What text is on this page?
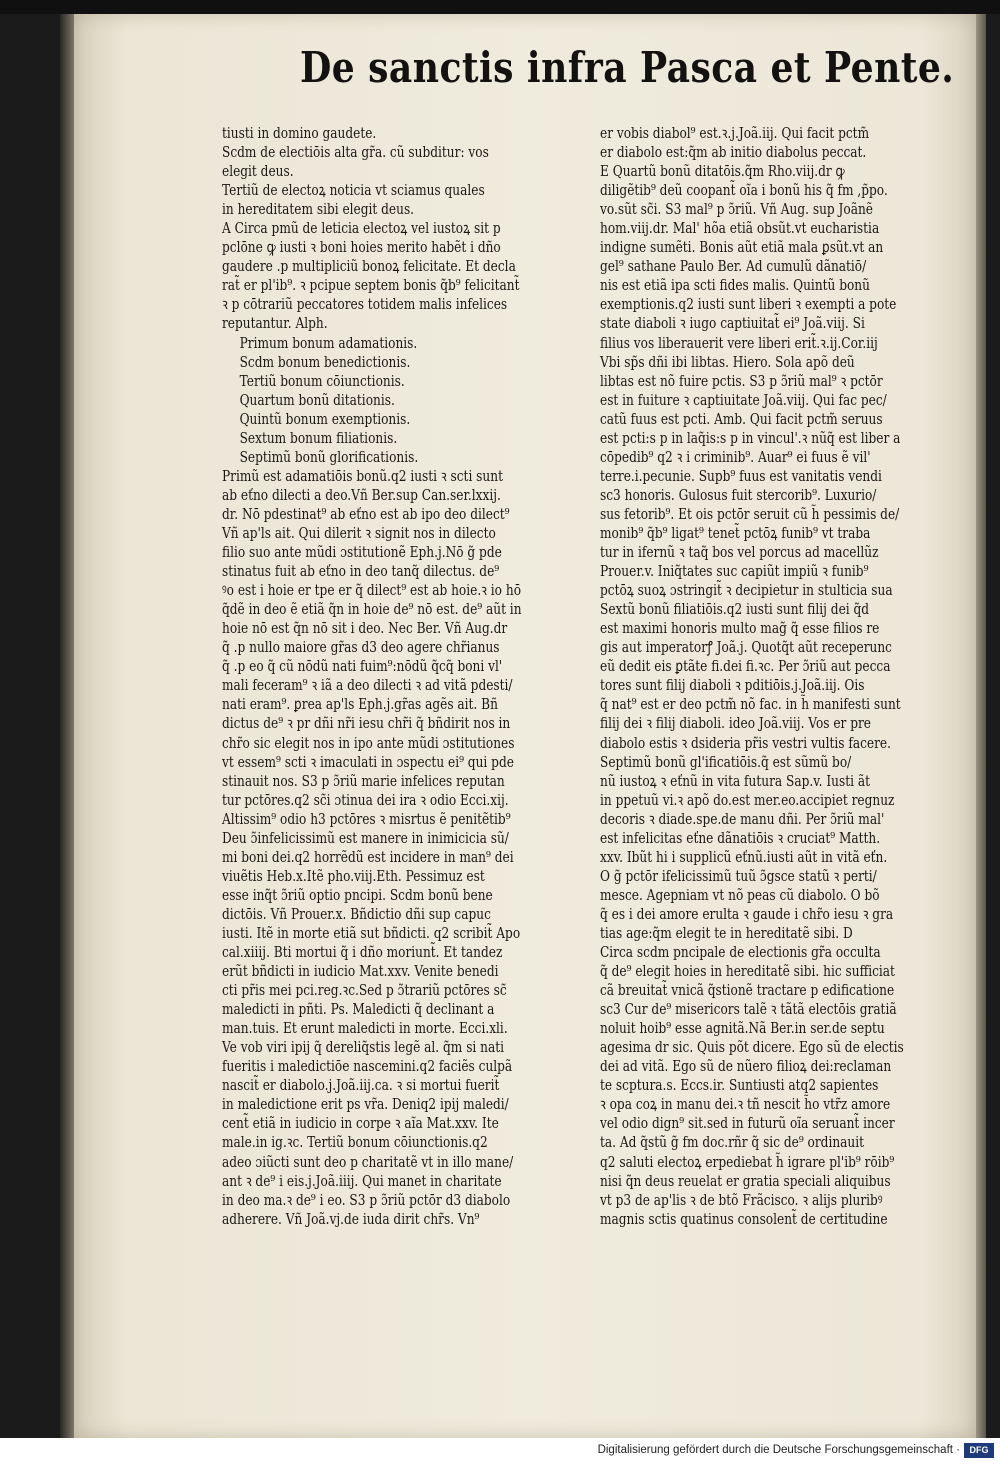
De sanctis infra Pasca et Pente.
tiusti in domino gaudete.
Scdm de electiōis alta gr̃a. cũ subditur: vos
elegit deus.
Tertiũ de electoꝝ noticia vt sciamus quales
in hereditatem sibi elegit deus.
A Circa pmũ de leticia electoꝝ vel iustoꝝ sit p
pclōne ꝙ iusti ꝛ boni hoies merito habẽt i dño
gaudere .p multipliciũ bonoꝝ felicitate. Et decla
rat̃ er pl'ib⁹. ꝛ pcipue septem bonis q̃b⁹ felicitant̃
ꝛ p cōtrariũ peccatores totidem malis infelices
reputantur. Alph.
Primum bonum adamationis.
Scdm bonum benedictionis.
Tertiũ bonum cōiunctionis.
Quartum bonũ ditationis.
Quintũ bonum exemptionis.
Sextum bonum filiationis.
Septimũ bonũ glorificationis.
Primũ est adamatiōis bonũ.q2 iusti ꝛ scti sunt
ab eťno dilecti a deo.Vñ Ber.sup Can.ser.lxxij.
dr. Nō pdestinat⁹ ab eťno est ab ipo deo dilect⁹
Vñ ap'ls ait. Qui dilerit ꝛ signit nos in dilecto
filio suo ante mũdi ɔstitutionẽ Eph.j.Nō g̃ pde
stinatus fuit ab eťno in deo tanq̃ dilectus. de⁹
ꝰo est i hoie er tpe er q̃ dilect⁹ est ab hoie.ꝛ io hō
q̃dẽ in deo ẽ etiã q̃n in hoie de⁹ nō est. de⁹ aũt in
hoie nō est q̃n nō sit i deo. Nec Ber. Vñ Aug.dr
q̃ .p nullo maiore gr̃as d3 deo agere chr̃ianus
q̃ .p eo q̃ cũ nōdũ nati fuim⁹:nōdũ q̃cq̃ boni vl'
mali feceram⁹ ꝛ iã a deo dilecti ꝛ ad vitã pdesti/
nati eram⁹. ꝑrea ap'ls Eph.j.gr̃as agẽs ait. Bñ
dictus de⁹ ꝛ pr dñi nr̃i iesu chr̃i q̃ bñdirit nos in
chr̃o sic elegit nos in ipo ante mũdi ɔstitutiones
vt essem⁹ scti ꝛ imaculati in ɔspectu ei⁹ qui pde
stinauit nos. S3 p ɔ̃riũ marie infelices reputan
tur pctōres.q2 sc̃i ɔtinua dei ira ꝛ odio Ecci.xij.
Altissim⁹ odio h3 pctōres ꝛ misrtus ẽ penitẽtib⁹
Deu ɔ̃infelicissimũ est manere in inimicicia sũ/
mi boni dei.q2 horrẽdũ est incidere in man⁹ dei
viuẽtis Heb.x.Itẽ pho.viij.Eth. Pessimuz est
esse inq̃t ɔ̃riũ optio pncipi. Scdm bonũ bene
dictōis. Vñ Prouer.x. Bñdictio dñi sup capuc
iusti. Itẽ in morte etiã sut bñdicti. q2 scribit̃ Apo
cal.xiiij. Bti mortui q̃ i dño moriunt̃. Et tandez
erũt bñdicti in iudicio Mat.xxv. Venite benedi
cti pr̃is mei pci.reg.ꝛc.Sed p ɔ̃trariũ pctōres sc̃
maledicti in pñti. Ps. Maledicti q̃ declinant a
man.tuis. Et erunt maledicti in morte. Ecci.xli.
Ve vob viri ipij q̃ dereliq̃stis legẽ al. q̃m si nati
fueritis i maledictiōe nascemini.q2 faciẽs culpã
nascit̃ er diabolo.j.Joã.iij.ca. ꝛ si mortui fuerit̃
in maledictione erit ps vr̃a. Deniq2 ipij maledi/
cent̃ etiã in iudicio in corpe ꝛ aĩa Mat.xxv. Ite
male.in ig.ꝛc. Tertiũ bonum cōiunctionis.q2
adeo ɔiũcti sunt deo p charitatẽ vt in illo mane/
ant ꝛ de⁹ i eis.j.Joã.iiij. Qui manet in charitate
in deo ma.ꝛ de⁹ i eo. S3 p ɔ̃riũ pctōr d3 diabolo
adherere. Vñ Joã.vj.de iuda dirit chr̃s. Vn⁹
er vobis diabol⁹ est.ꝛ.j.Joã.iij. Qui facit pctm̃
er diabolo est:q̃m ab initio diabolus peccat.
E Quartũ bonũ ditatōis.q̃m Rho.viij.dr ꝙ
diligẽtib⁹ deũ coopant̃ oĩa i bonũ his q̃ fm ,p̃po.
vo.sũt sc̃i. S3 mal⁹ p ɔ̃riũ. Vñ Aug. sup Joãnẽ
hom.viij.dr. Mal' hõa etiã obsũt.vt eucharistia
indigne sumẽti. Bonis aũt etiã mala ꝑsũt.vt an
gel⁹ sathane Paulo Ber. Ad cumulũ dãnatiō/
nis est etiã ipa scti fides malis. Quintũ bonũ
exemptionis.q2 iusti sunt liberi ꝛ exempti a pote
state diaboli ꝛ iugo captiuitat̃ ei⁹ Joã.viij. Si
filius vos liberauerit vere liberi erit̃.ꝛ.ij.Cor.iij
Vbi sp̃s dñi ibi libtas. Hiero. Sola apõ deũ
libtas est nõ fuire pctis. S3 p ɔ̃riũ mal⁹ ꝛ pctōr
est in fuiture ꝛ captiuitate Joã.viij. Qui fac pec/
catũ fuus est pcti. Amb. Qui facit pctm̃ seruus
est pcti:s p in laq̃is:s p in vincul'.ꝛ nũq̃ est liber a
cōpedib⁹ q2 ꝛ i criminib⁹. Auar⁹ ei fuus ẽ vil'
terre.i.pecunie. Supb⁹ fuus est vanitatis vendi
sc3 honoris. Gulosus fuit stercorib⁹. Luxurio/
sus fetorib⁹. Et ois pctōr seruit cũ h̃ pessimis de/
monib⁹ q̃b⁹ ligat⁹ tenet̃ pctōꝝ funib⁹ vt traba
tur in ifernũ ꝛ taq̃ bos vel porcus ad macellũz
Prouer.v. Iniq̃tates suc capiũt impiũ ꝛ funib⁹
pctōꝝ suoꝝ ɔstringit̃ ꝛ decipietur in stulticia sua
Sextũ bonũ filiatiōis.q2 iusti sunt filij dei q̃d
est maximi honoris multo mag̃ q̃ esse filios re
gis aut imperatorꝭ Joã.j. Quotq̃t aũt receperunc
eũ dedit eis ꝑtãte fi.dei fi.ꝛc. Per ɔ̃riũ aut pecca
tores sunt filij diaboli ꝛ pditiōis.j.Joã.iij. Ois
q̃ nat⁹ est er deo pctm̃ nõ fac. in h̃ manifesti sunt
filij dei ꝛ filij diaboli. ideo Joã.viij. Vos er pre
diabolo estis ꝛ dsideria pr̃is vestri vultis facere.
Septimũ bonũ gl'ificatiōis.q̃ est sũmũ bo/
nũ iustoꝝ ꝛ eťnũ in vita futura Sap.v. Iusti ãt
in ppetuũ vi.ꝛ apõ do.est mer.eo.accipiet regnuz
decoris ꝛ diade.spe.de manu dñi. Per ɔ̃riũ mal'
est infelicitas eťne dãnatiōis ꝛ cruciat⁹ Matth.
xxv. Ibũt hi i supplicũ eťnũ.iusti aũt in vitã eťn.
O g̃ pctōr ifelicissimũ tuũ ɔ̃gsce statũ ꝛ perti/
mesce. Agepniam vt nõ peas cũ diabolo. O bõ
q̃ es i dei amore erulta ꝛ gaude i chr̃o iesu ꝛ gra
tias age:q̃m elegit te in hereditatẽ sibi. D
Circa scdm pncipale de electionis gr̃a occulta
q̃ de⁹ elegit hoies in hereditatẽ sibi. hic sufficiat
cã breuitat̃ vnicã q̃stionẽ tractare p edificatione
sc3 Cur de⁹ misericors talẽ ꝛ tãtã electōis gratiã
noluit hoib⁹ esse agnitã.Nã Ber.in ser.de septu
agesima dr sic. Quis põt dicere. Ego sũ de electis
dei ad vitã. Ego sũ de nũero filioꝝ dei:reclaman
te scptura.s. Eccs.ir. Suntiusti atq2 sapientes
ꝛ opa coꝝ in manu dei.ꝛ tñ nescit h̃o vtr̃z amore
vel odio dign⁹ sit.sed in futurũ oĩa seruant̃ incer
ta. Ad q̃stũ g̃ fm doc.rñr q̃ sic de⁹ ordinauit
q2 saluti electoꝝ erpediebat h̃ igrare pl'ib⁹ rōib⁹
nisi q̃n deus reuelat er gratia speciali aliquibus
vt p3 de ap'lis ꝛ de btõ Frãcisco. ꝛ alijs pluribꝰ
magnis sctis quatinus consolent̃ de certitudine
Digitalisierung gefördert durch die Deutsche Forschungsgemeinschaft ·	DFG
